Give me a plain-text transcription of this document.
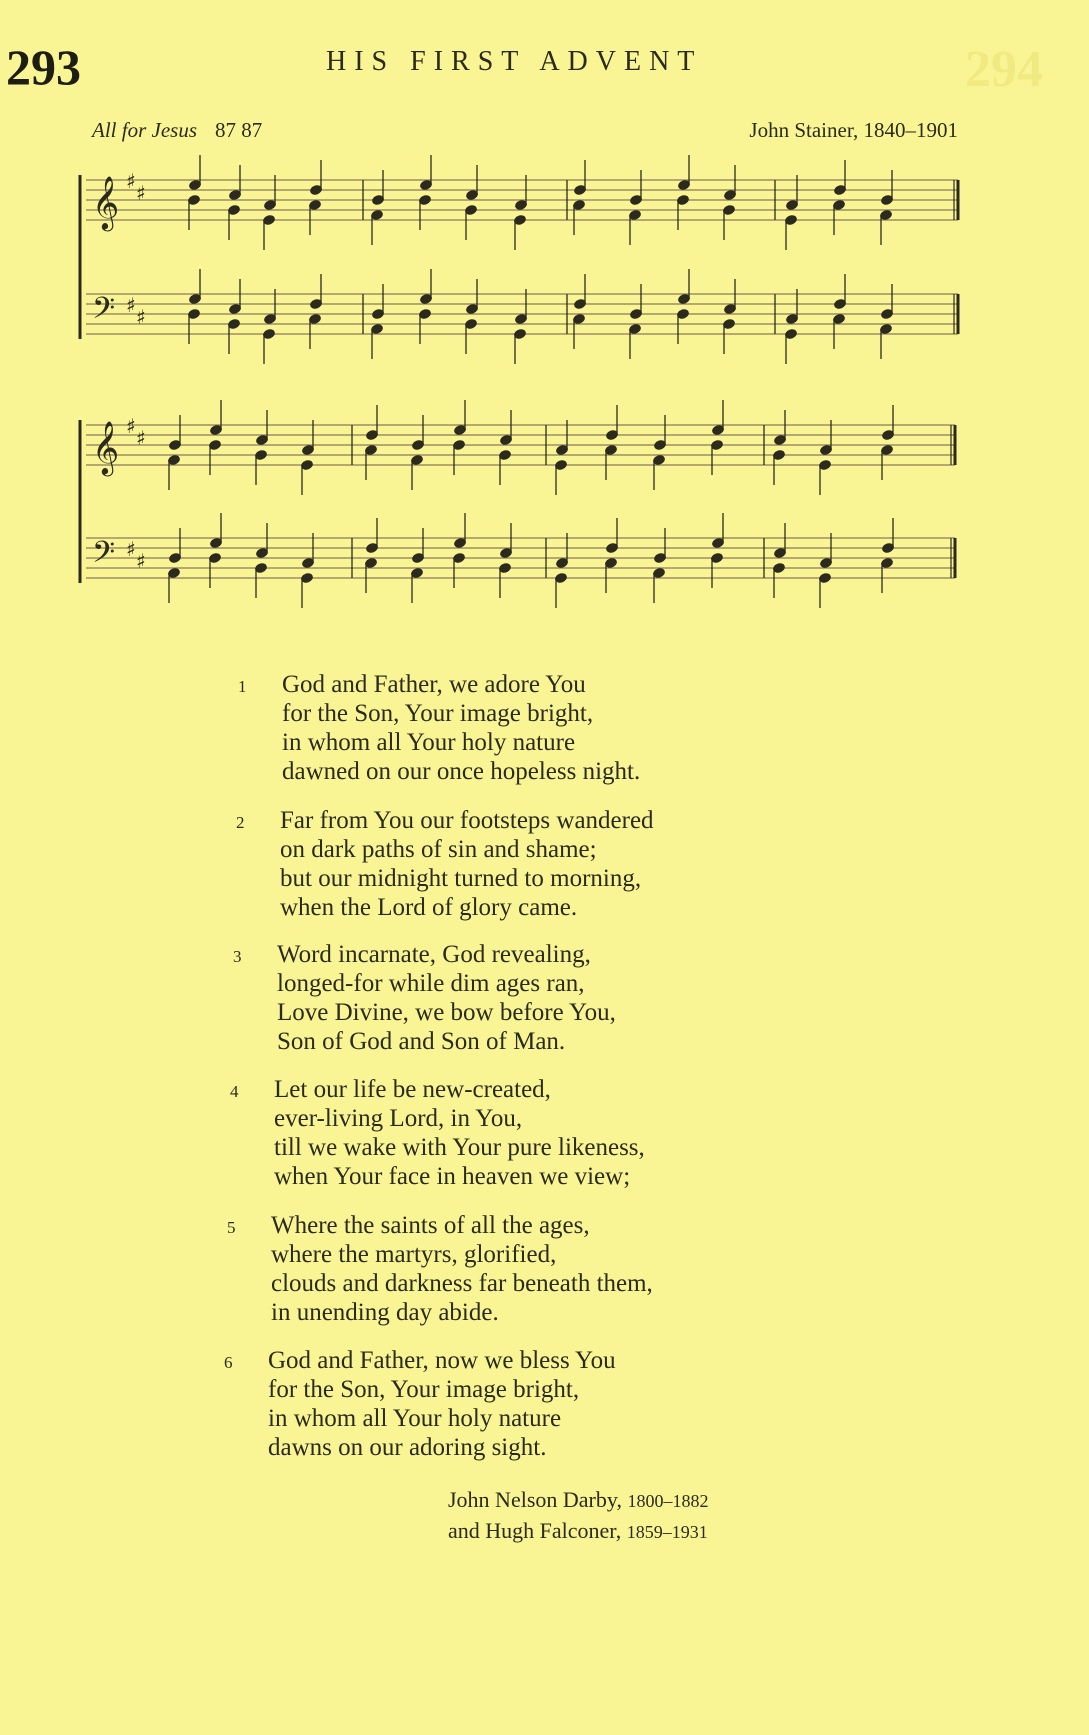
293	HIS FIRST ADVENT	294
All for Jesus 87 87	John Stainer, 1840–1901
𝄞 ♯ ♯
𝄢 ♯ ♯
𝄞 ♯ ♯
𝄢 ♯ ♯
1 God and Father, we adore You
for the Son, Your image bright,
in whom all Your holy nature
dawned on our once hopeless night.
2 Far from You our footsteps wandered
on dark paths of sin and shame;
but our midnight turned to morning,
when the Lord of glory came.
3 Word incarnate, God revealing,
longed-for while dim ages ran,
Love Divine, we bow before You,
Son of God and Son of Man.
4 Let our life be new-created,
ever-living Lord, in You,
till we wake with Your pure likeness,
when Your face in heaven we view;
5 Where the saints of all the ages,
where the martyrs, glorified,
clouds and darkness far beneath them,
in unending day abide.
6 God and Father, now we bless You
for the Son, Your image bright,
in whom all Your holy nature
dawns on our adoring sight.
John Nelson Darby, 1800–1882
and Hugh Falconer, 1859–1931
